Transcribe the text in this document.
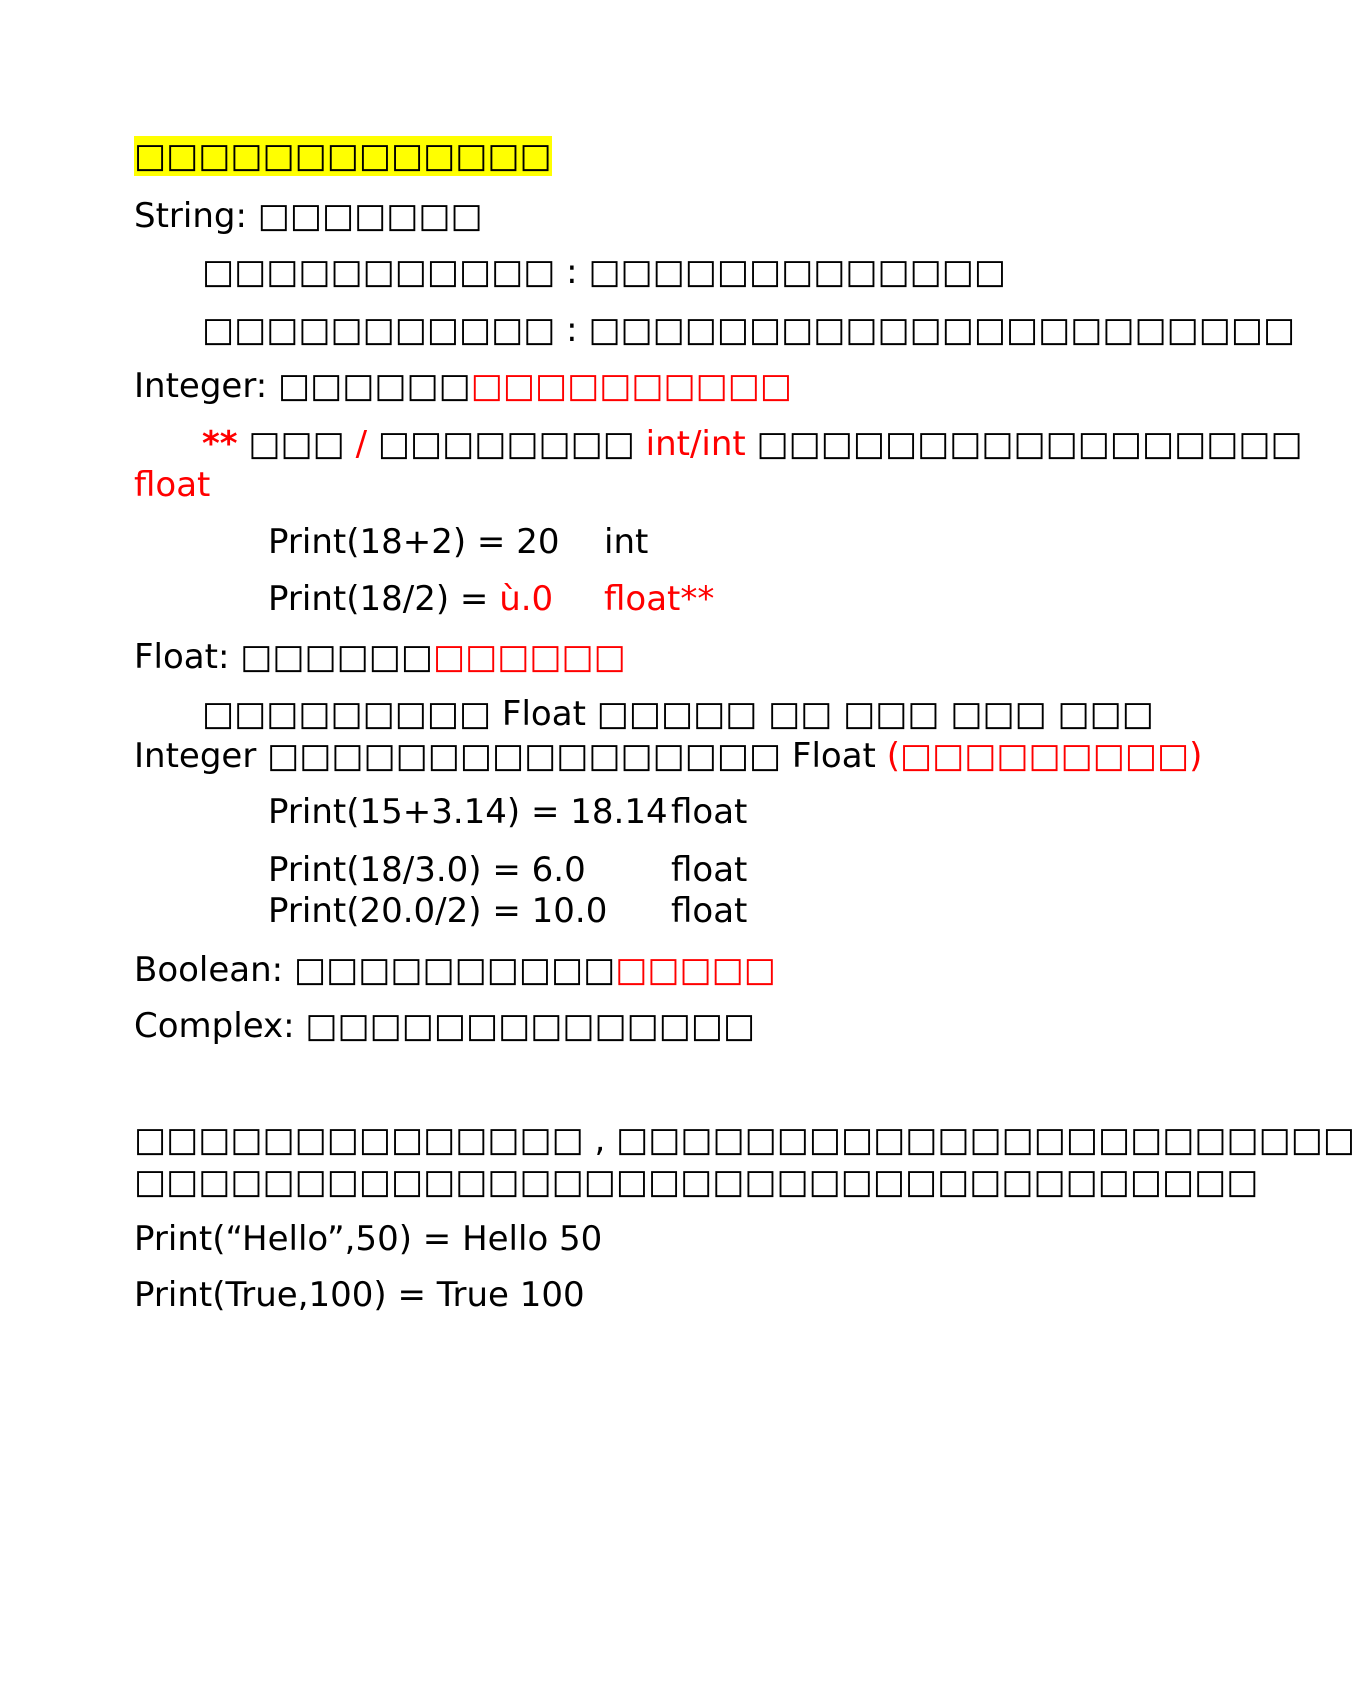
□□□□□□□□□□□□□
String: □□□□□□□
□□□□□□□□□□□ : □□□□□□□□□□□□□
□□□□□□□□□□□ : □□□□□□□□□□□□□□□□□□□□□□
Integer: □□□□□□□□□□□□□□□□
** □□□ / □□□□□□□□ int/int □□□□□□□□□□□□□□□□□
float
Print(18+2) = 20 int
Print(18/2) = ù.0 float**
Float: □□□□□□□□□□□□
□□□□□□□□□ Float □□□□□ □□ □□□ □□□ □□□
Integer □□□□□□□□□□□□□□□□ Float (□□□□□□□□□)
Print(15+3.14) = 18.14 float
Print(18/3.0) = 6.0	float
Print(20.0/2) = 10.0 float
Boolean: □□□□□□□□□□□□□□□
Complex: □□□□□□□□□□□□□□
□□□□□□□□□□□□□□ , □□□□□□□□□□□□□□□□□□□□□□□
□□□□□□□□□□□□□□□□□□□□□□□□□□□□□□□□□□□
Print(“Hello”,50) = Hello 50
Print(True,100) = True 100
